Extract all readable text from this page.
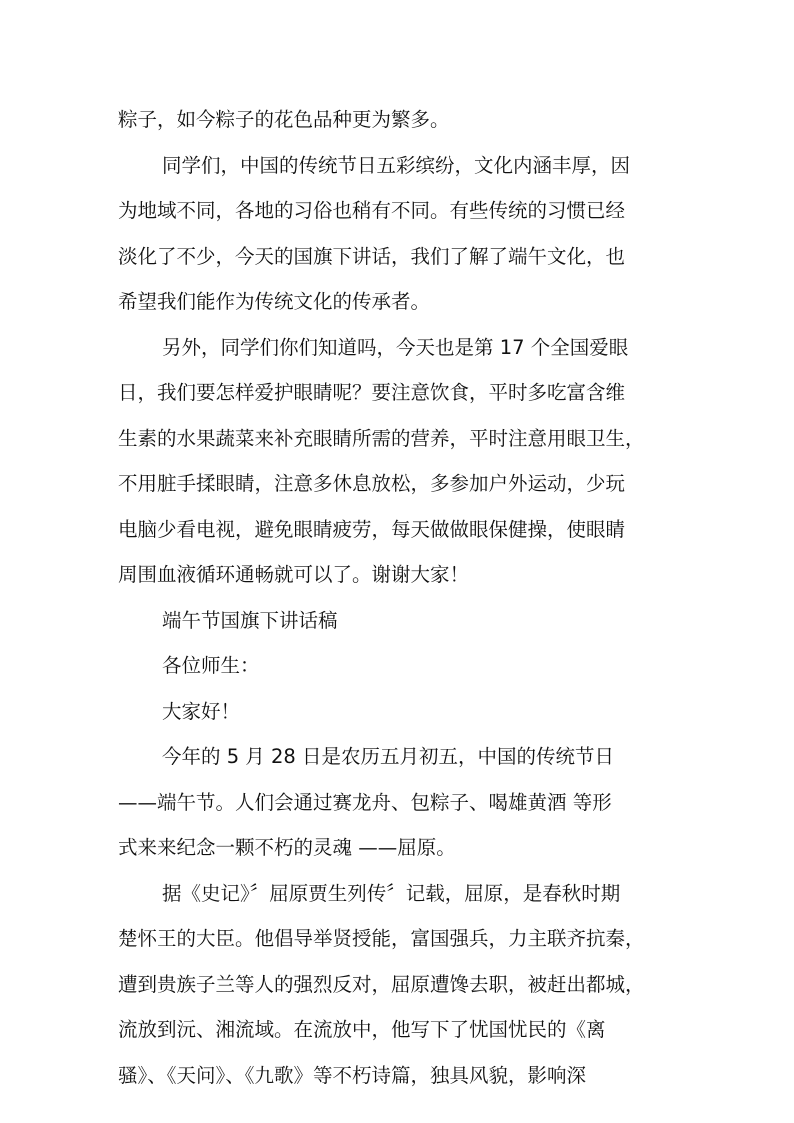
粽子，如今粽子的花色品种更为繁多。
同学们，中国的传统节日五彩缤纷，文化内涵丰厚，因
为地域不同，各地的习俗也稍有不同。有些传统的习惯已经
淡化了不少，今天的国旗下讲话，我们了解了端午文化，也
希望我们能作为传统文化的传承者。
另外，同学们你们知道吗，今天也是第 17 个全国爱眼
日，我们要怎样爱护眼睛呢？要注意饮食，平时多吃富含维
生素的水果蔬菜来补充眼睛所需的营养，平时注意用眼卫生，
不用脏手揉眼睛，注意多休息放松，多参加户外运动，少玩
电脑少看电视，避免眼睛疲劳，每天做做眼保健操，使眼睛
周围血液循环通畅就可以了。谢谢大家！
端午节国旗下讲话稿
各位师生：
大家好！
今年的 5 月 28 日是农历五月初五，中国的传统节日
——端午节。人们会通过赛龙舟、包粽子、喝雄黄酒 等形
式来来纪念一颗不朽的灵魂 ——屈原。
据《史记》〞屈原贾生列传〞记载，屈原，是春秋时期
楚怀王的大臣。他倡导举贤授能，富国强兵，力主联齐抗秦，
遭到贵族子兰等人的强烈反对，屈原遭馋去职，被赶出都城，
流放到沅、湘流域。在流放中，他写下了忧国忧民的《离
骚》、《天问》、《九歌》等不朽诗篇，独具风貌，影响深
